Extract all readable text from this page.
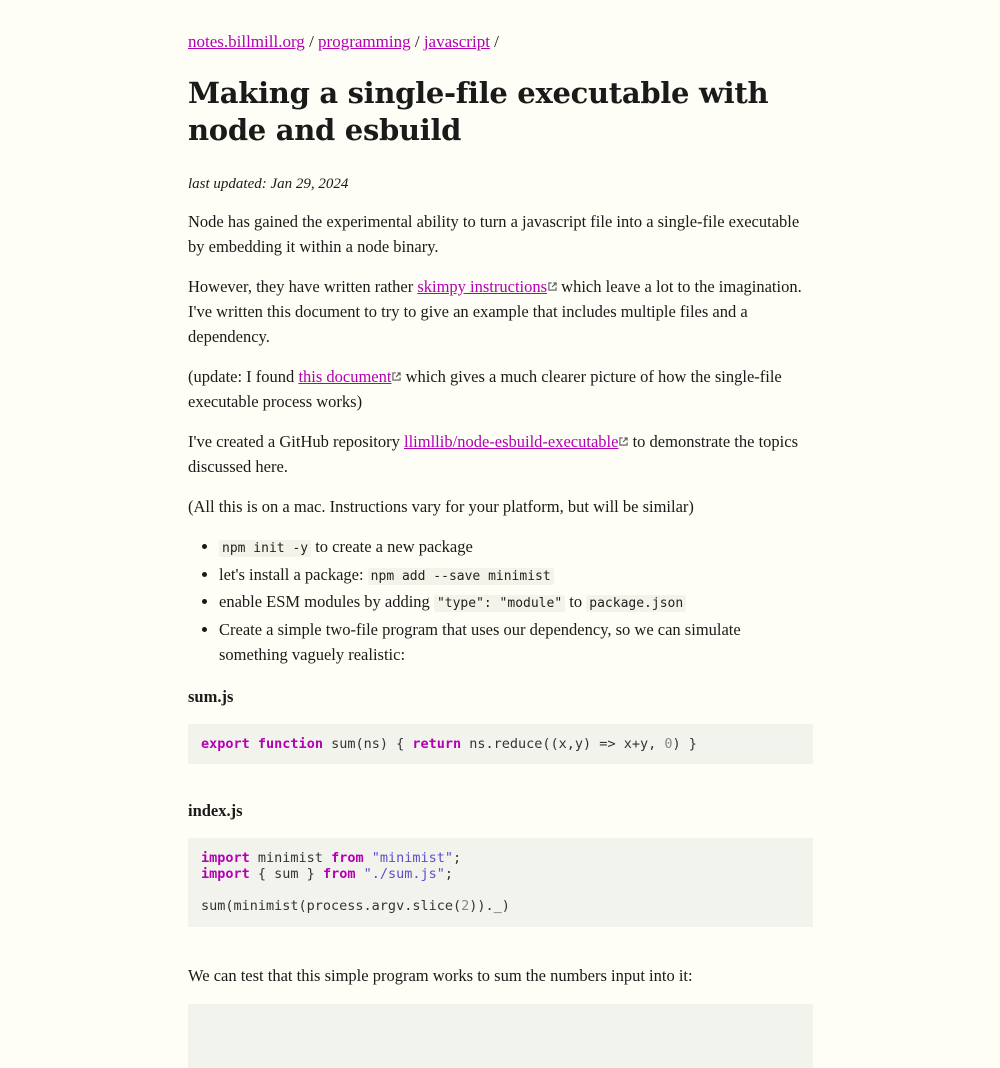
notes.billmill.org / programming / javascript /
Making a single-file executable with node and esbuild
last updated: Jan 29, 2024

Node has gained the experimental ability to turn a javascript file into a single-file executable by embedding it within a node binary.

However, they have written rather skimpy instructions which leave a lot to the imagination. I've written this document to try to give an example that includes multiple files and a dependency.

(update: I found this document which gives a much clearer picture of how the single-file executable process works)

I've created a GitHub repository llimllib/node-esbuild-executable to demonstrate the topics discussed here.

(All this is on a mac. Instructions vary for your platform, but will be similar)

• npm init -y to create a new package
• let's install a package: npm add --save minimist
• enable ESM modules by adding "type": "module" to package.json
• Create a simple two-file program that uses our dependency, so we can simulate something vaguely realistic:
sum.js
export function sum(ns) { return ns.reduce((x,y) => x+y, 0) }
index.js
import minimist from "minimist";
import { sum } from "./sum.js";

sum(minimist(process.argv.slice(2))._)

We can test that this simple program works to sum the numbers input into it:
